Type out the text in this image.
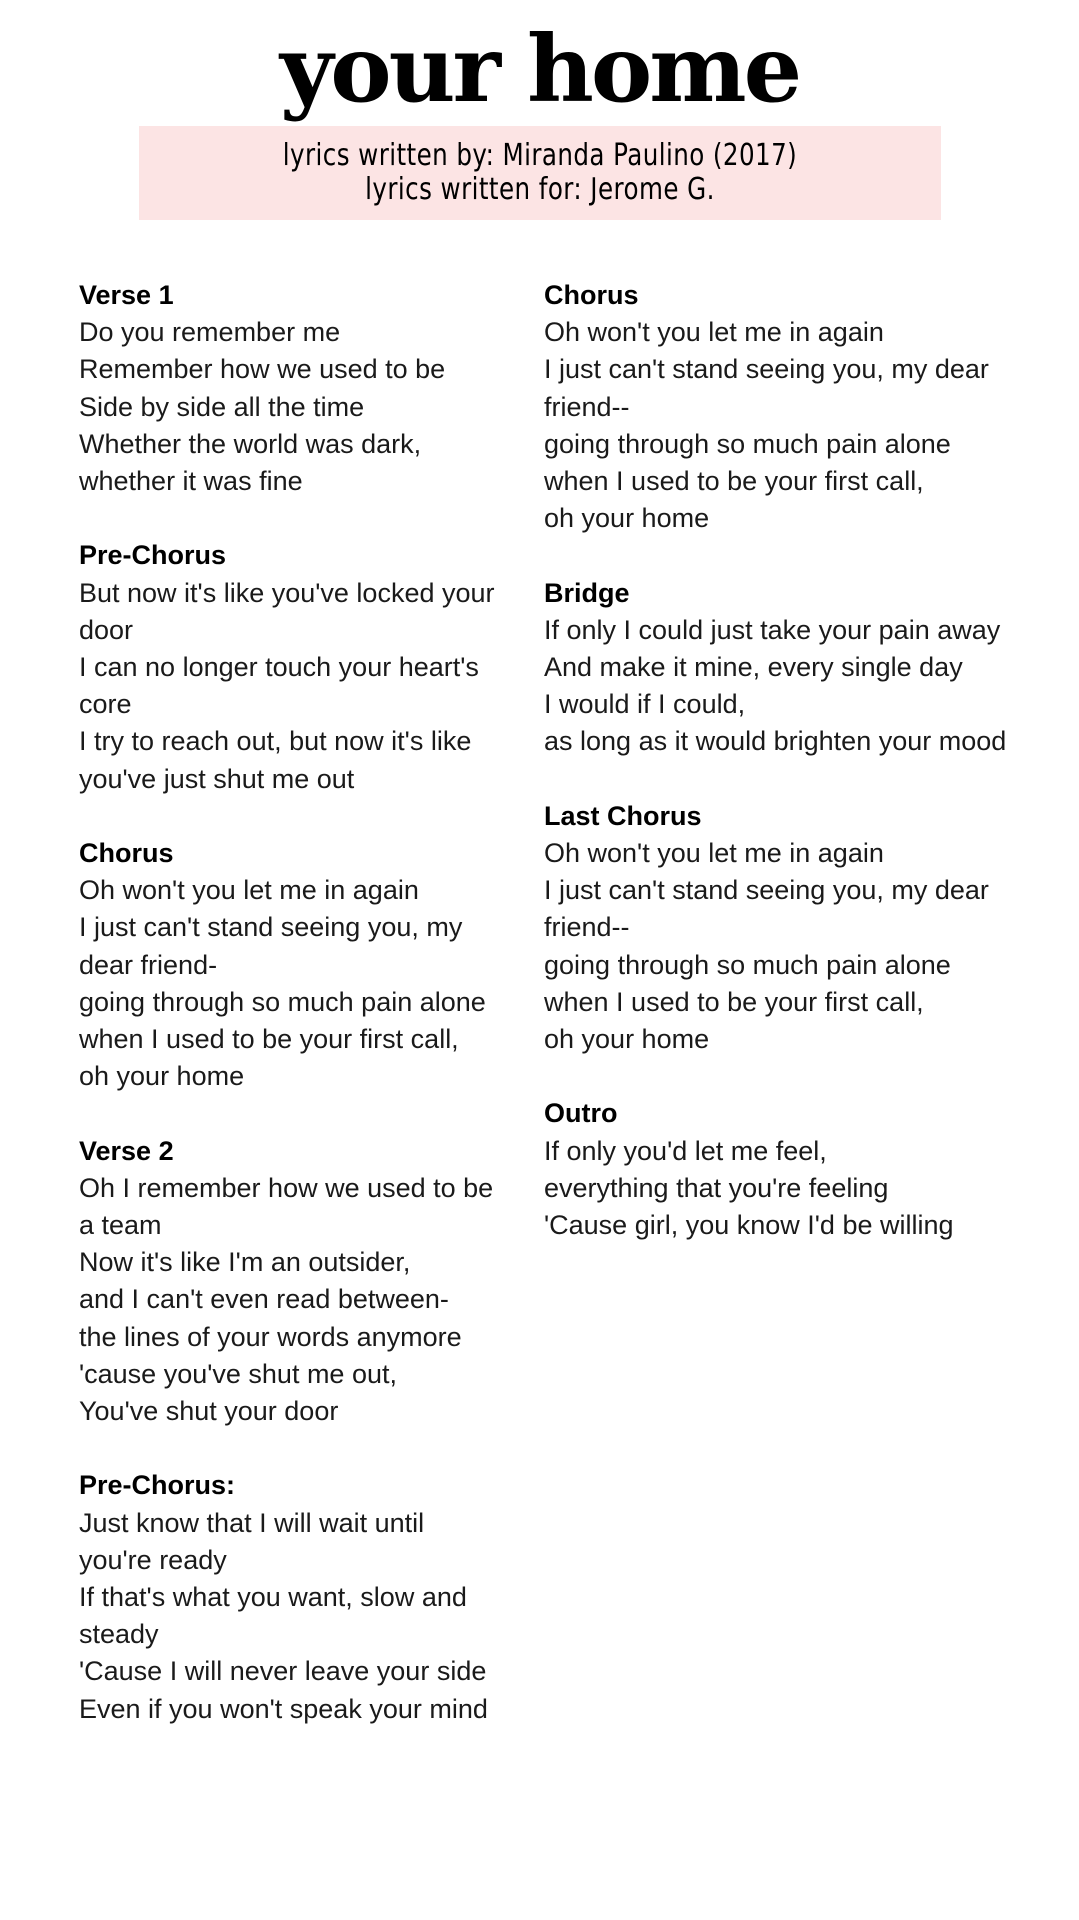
your home
lyrics written by: Miranda Paulino (2017)
lyrics written for: Jerome G.
Verse 1
Do you remember me
Remember how we used to be
Side by side all the time
Whether the world was dark,
whether it was fine
Pre-Chorus
But now it's like you've locked your
door
I can no longer touch your heart's
core
I try to reach out, but now it's like
you've just shut me out
Chorus
Oh won't you let me in again
I just can't stand seeing you, my
dear friend-
going through so much pain alone
when I used to be your first call,
oh your home
Verse 2
Oh I remember how we used to be
a team
Now it's like I'm an outsider,
and I can't even read between-
the lines of your words anymore
'cause you've shut me out,
You've shut your door
Pre-Chorus:
Just know that I will wait until
you're ready
If that's what you want, slow and
steady
'Cause I will never leave your side
Even if you won't speak your mind
Chorus
Oh won't you let me in again
I just can't stand seeing you, my dear
friend--
going through so much pain alone
when I used to be your first call,
oh your home
Bridge
If only I could just take your pain away
And make it mine, every single day
I would if I could,
as long as it would brighten your mood
Last Chorus
Oh won't you let me in again
I just can't stand seeing you, my dear
friend--
going through so much pain alone
when I used to be your first call,
oh your home
Outro
If only you'd let me feel,
everything that you're feeling
'Cause girl, you know I'd be willing
